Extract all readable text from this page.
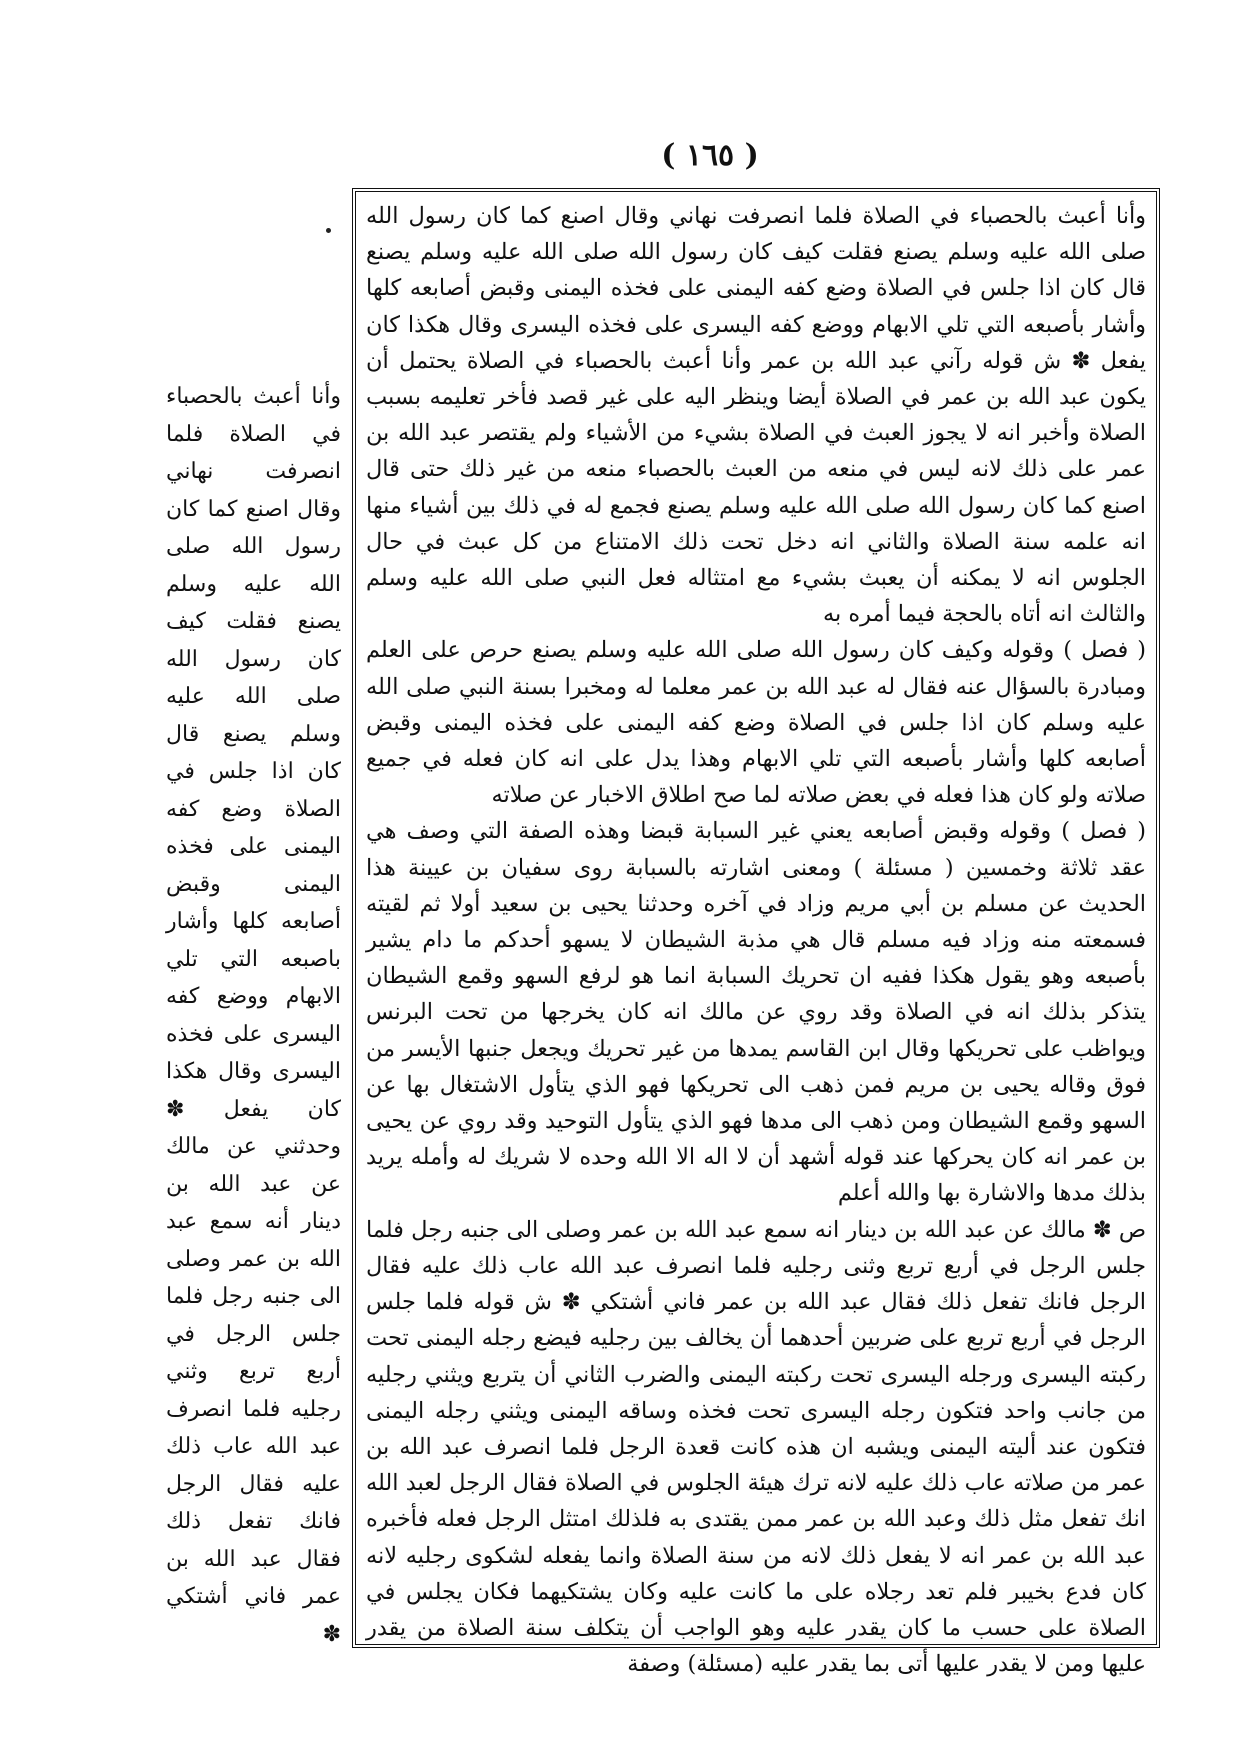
( ١٦٥ )

وأنا أعبث بالحصباء في الصلاة فلما انصرفت نهاني وقال اصنع كما كان رسول الله صلى الله عليه وسلم يصنع فقلت كيف كان رسول الله صلى الله عليه وسلم يصنع قال كان اذا جلس في الصلاة وضع كفه اليمنى على فخذه اليمنى وقبض أصابعه كلها وأشار بأصبعه التي تلي الابهام ووضع كفه اليسرى على فخذه اليسرى وقال هكذا كان يفعل ✽ ش قوله رآني عبد الله بن عمر وأنا أعبث بالحصباء في الصلاة يحتمل أن يكون عبد الله بن عمر في الصلاة أيضا وينظر اليه على غير قصد فأخر تعليمه بسبب الصلاة وأخبر انه لا يجوز العبث في الصلاة بشيء من الأشياء ولم يقتصر عبد الله بن عمر على ذلك لانه ليس في منعه من العبث بالحصباء منعه من غير ذلك حتى قال اصنع كما كان رسول الله صلى الله عليه وسلم يصنع فجمع له في ذلك بين أشياء منها انه علمه سنة الصلاة والثاني انه دخل تحت ذلك الامتناع من كل عبث في حال الجلوس انه لا يمكنه أن يعبث بشيء مع امتثاله فعل النبي صلى الله عليه وسلم والثالث انه أتاه بالحجة فيما أمره به

( فصل ) وقوله وكيف كان رسول الله صلى الله عليه وسلم يصنع حرص على العلم ومبادرة بالسؤال عنه فقال له عبد الله بن عمر معلما له ومخبرا بسنة النبي صلى الله عليه وسلم كان اذا جلس في الصلاة وضع كفه اليمنى على فخذه اليمنى وقبض أصابعه كلها وأشار بأصبعه التي تلي الابهام وهذا يدل على انه كان فعله في جميع صلاته ولو كان هذا فعله في بعض صلاته لما صح اطلاق الاخبار عن صلاته

( فصل ) وقوله وقبض أصابعه يعني غير السبابة قبضا وهذه الصفة التي وصف هي عقد ثلاثة وخمسين ( مسئلة ) ومعنى اشارته بالسبابة روى سفيان بن عيينة هذا الحديث عن مسلم بن أبي مريم وزاد في آخره وحدثنا يحيى بن سعيد أولا ثم لقيته فسمعته منه وزاد فيه مسلم قال هي مذبة الشيطان لا يسهو أحدكم ما دام يشير بأصبعه وهو يقول هكذا ففيه ان تحريك السبابة انما هو لرفع السهو وقمع الشيطان يتذكر بذلك انه في الصلاة وقد روي عن مالك انه كان يخرجها من تحت البرنس ويواظب على تحريكها وقال ابن القاسم يمدها من غير تحريك ويجعل جنبها الأيسر من فوق وقاله يحيى بن مريم فمن ذهب الى تحريكها فهو الذي يتأول الاشتغال بها عن السهو وقمع الشيطان ومن ذهب الى مدها فهو الذي يتأول التوحيد وقد روي عن يحيى بن عمر انه كان يحركها عند قوله أشهد أن لا اله الا الله وحده لا شريك له وأمله يريد بذلك مدها والاشارة بها والله أعلم

ص ✽ مالك عن عبد الله بن دينار انه سمع عبد الله بن عمر وصلى الى جنبه رجل فلما جلس الرجل في أربع تربع وثنى رجليه فلما انصرف عبد الله عاب ذلك عليه فقال الرجل فانك تفعل ذلك فقال عبد الله بن عمر فاني أشتكي ✽ ش قوله فلما جلس الرجل في أربع تربع على ضربين أحدهما أن يخالف بين رجليه فيضع رجله اليمنى تحت ركبته اليسرى ورجله اليسرى تحت ركبته اليمنى والضرب الثاني أن يتربع ويثني رجليه من جانب واحد فتكون رجله اليسرى تحت فخذه وساقه اليمنى ويثني رجله اليمنى فتكون عند أليته اليمنى ويشبه ان هذه كانت قعدة الرجل فلما انصرف عبد الله بن عمر من صلاته عاب ذلك عليه لانه ترك هيئة الجلوس في الصلاة فقال الرجل لعبد الله انك تفعل مثل ذلك وعبد الله بن عمر ممن يقتدى به فلذلك امتثل الرجل فعله فأخبره عبد الله بن عمر انه لا يفعل ذلك لانه من سنة الصلاة وانما يفعله لشكوى رجليه لانه كان فدع بخيبر فلم تعد رجلاه على ما كانت عليه وكان يشتكيهما فكان يجلس في الصلاة على حسب ما كان يقدر عليه وهو الواجب أن يتكلف سنة الصلاة من يقدر عليها ومن لا يقدر عليها أتى بما يقدر عليه (مسئلة) وصفة

وأنا أعبث بالحصباء في الصلاة فلما انصرفت نهاني وقال اصنع كما كان رسول الله صلى الله عليه وسلم يصنع فقلت كيف كان رسول الله صلى الله عليه وسلم يصنع قال كان اذا جلس في الصلاة وضع كفه اليمنى على فخذه اليمنى وقبض أصابعه كلها وأشار باصبعه التي تلي الابهام ووضع كفه اليسرى على فخذه اليسرى وقال هكذا كان يفعل ✽ وحدثني عن مالك عن عبد الله بن دينار أنه سمع عبد الله بن عمر وصلى الى جنبه رجل فلما جلس الرجل في أربع تربع وثني رجليه فلما انصرف عبد الله عاب ذلك عليه فقال الرجل فانك تفعل ذلك فقال عبد الله بن عمر فاني أشتكي ✽
